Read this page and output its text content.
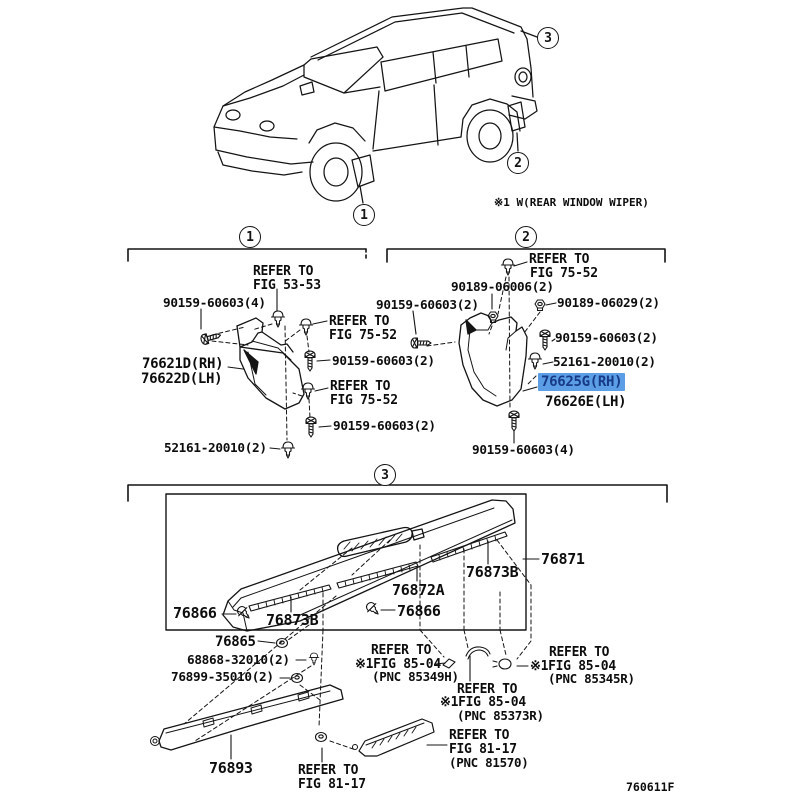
REFER TO
FIG 53-53
90159-60603(4)
76621D(RH)
76622D(LH)
REFER TO
FIG 75-52
90159-60603(2)
REFER TO
FIG 75-52
90159-60603(2)
52161-20010(2)
REFER TO
FIG 75-52
90189-06006(2)
90159-60603(2)	90189-06029(2)
90159-60603(2)
52161-20010(2)
76625G(RH)
76626E(LH)
90159-60603(4)
76866	76873B
76872A
76866
76873B
76871
76865
68868-32010(2)
76899-35010(2)
76893
REFER TO
※1FIG 85-04
(PNC 85349H)
REFER TO
※1FIG 85-04
(PNC 85373R)
REFER TO
※1FIG 85-04
(PNC 85345R)
REFER TO
FIG 81-17
REFER TO
FIG 81-17
(PNC 81570)
1
2
3
1	2
3
※1 W(REAR WINDOW WIPER)
760611F
